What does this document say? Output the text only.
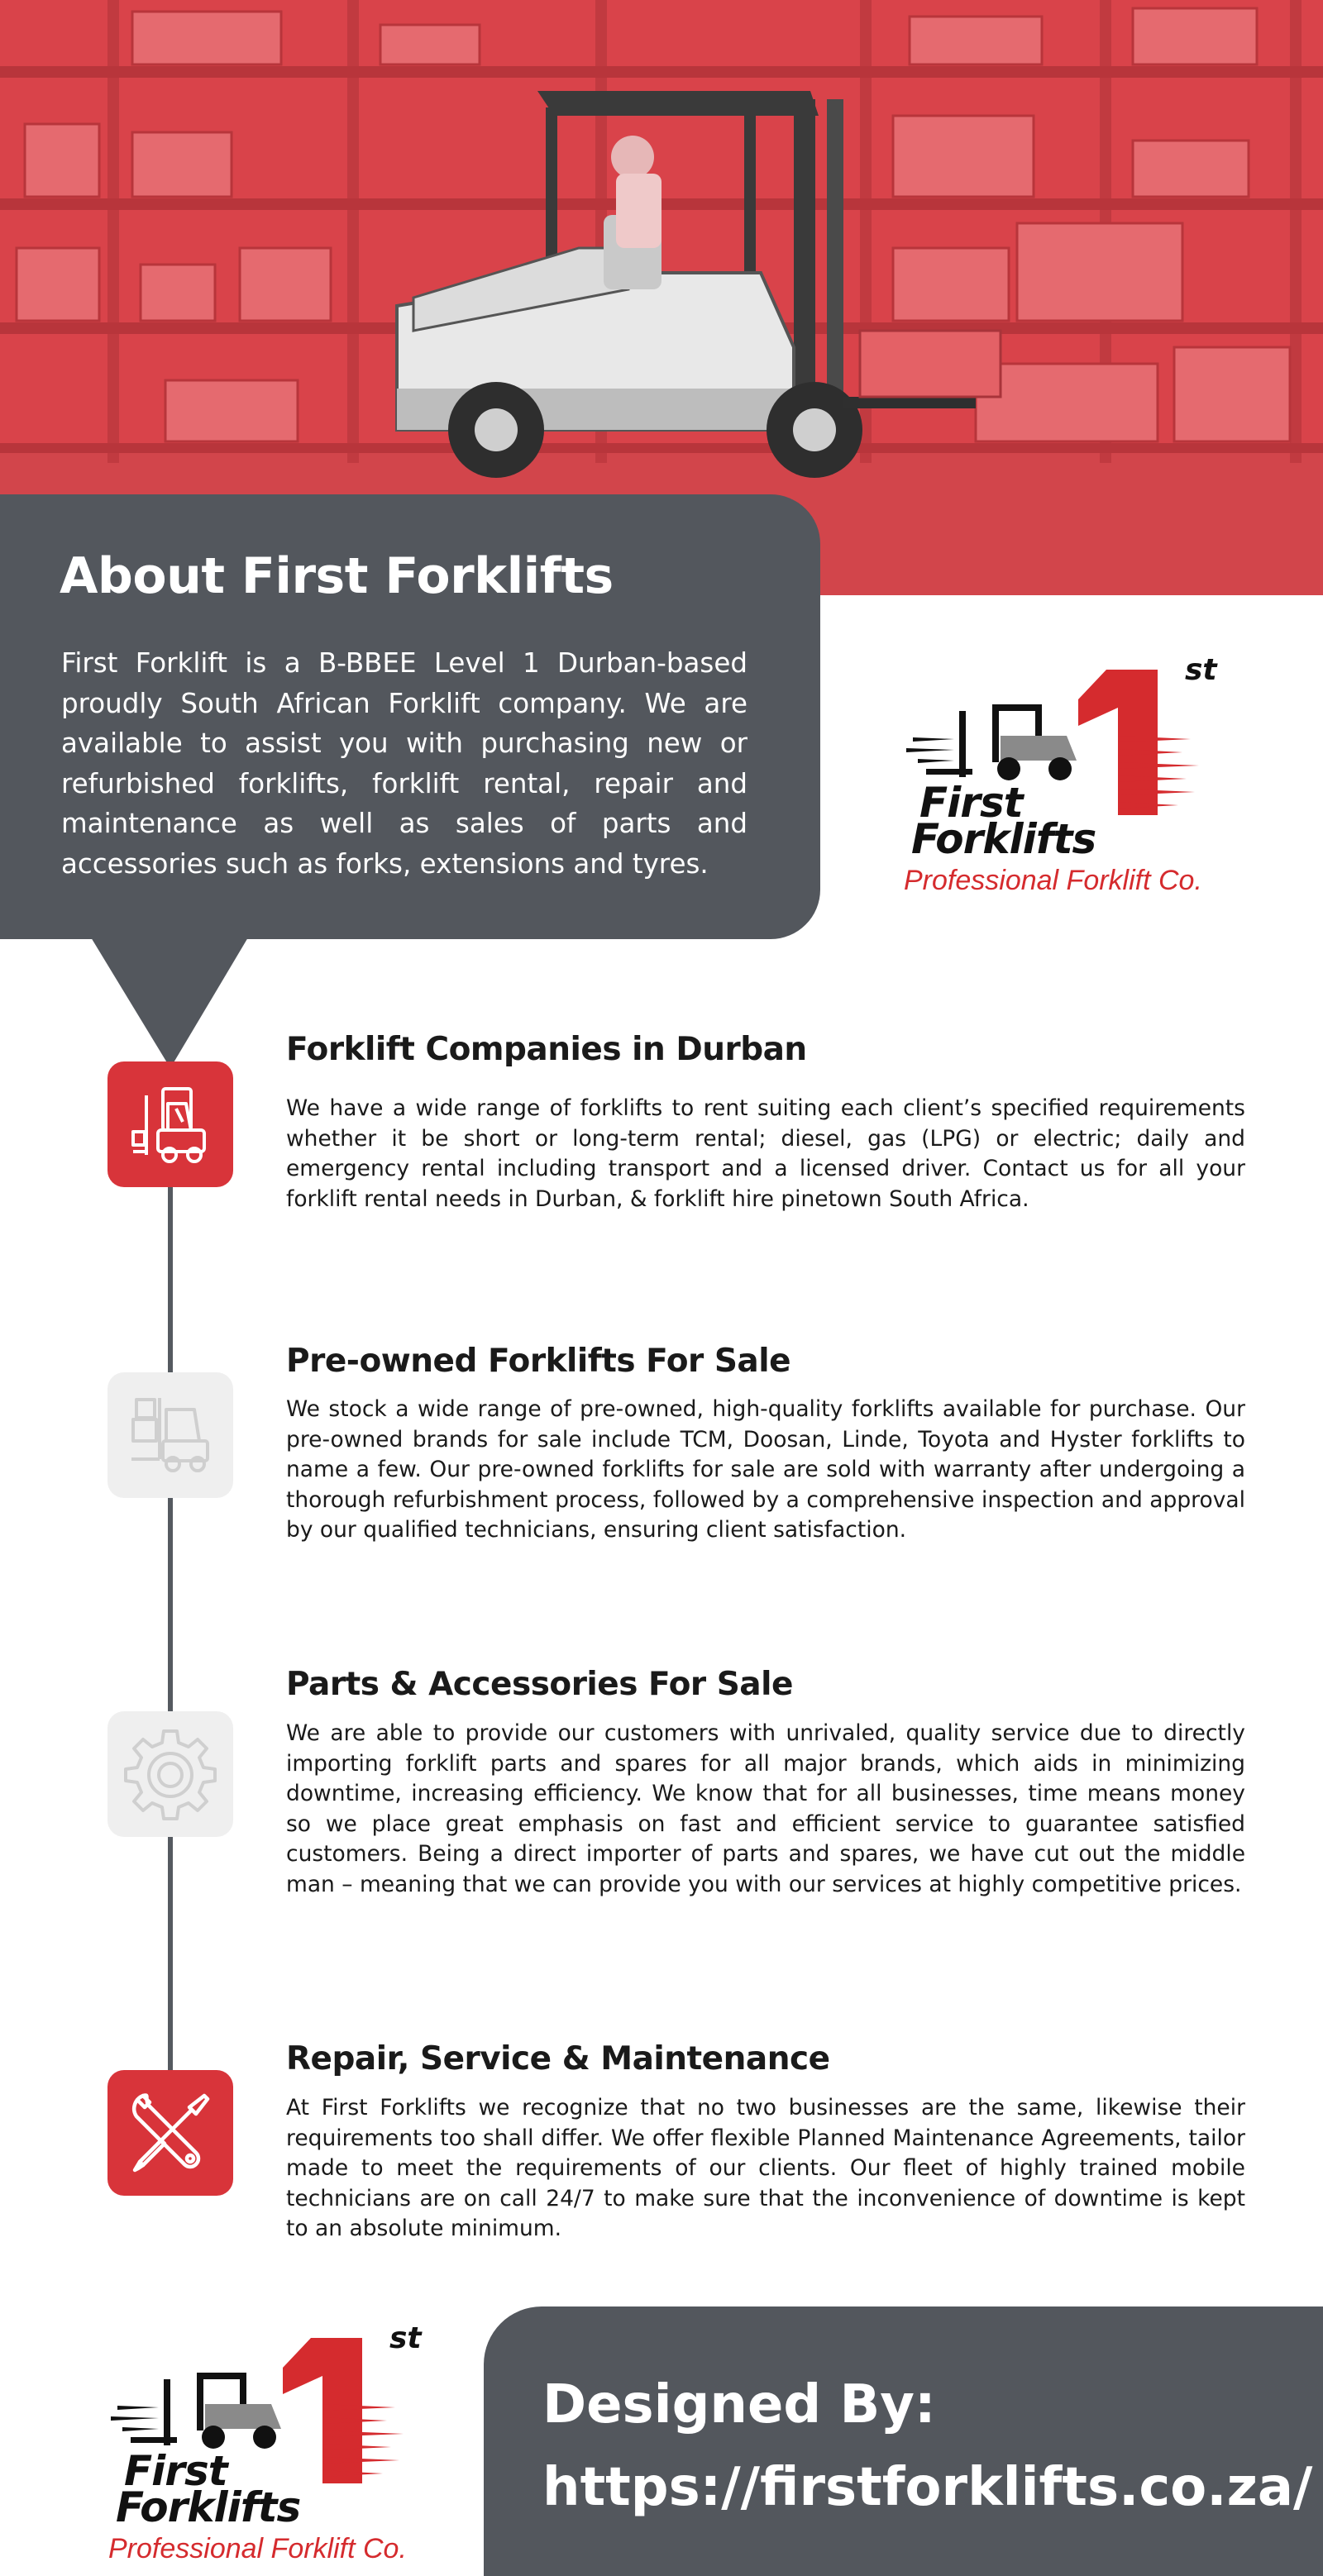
About First Forklifts

First Forklift is a B-BBEE Level 1 Durban-based proudly South African Forklift company. We are available to assist you with purchasing new or refurbished forklifts, forklift rental, repair and maintenance as well as sales of parts and accessories such as forks, extensions and tyres.

st
First
Forklifts
Professional Forklift Co.
Forklift Companies in Durban

We have a wide range of forklifts to rent suiting each client’s specified requirements whether it be short or long-term rental; diesel, gas (LPG) or electric; daily and emergency rental including transport and a licensed driver. Contact us for all your forklift rental needs in Durban, & forklift hire pinetown South Africa.

Pre-owned Forklifts For Sale

We stock a wide range of pre-owned, high-quality forklifts available for purchase. Our pre-owned brands for sale include TCM, Doosan, Linde, Toyota and Hyster forklifts to name a few. Our pre-owned forklifts for sale are sold with warranty after undergoing a thorough refurbishment process, followed by a comprehensive inspection and approval by our qualified technicians, ensuring client satisfaction.

Parts & Accessories For Sale

We are able to provide our customers with unrivaled, quality service due to directly importing forklift parts and spares for all major brands, which aids in minimizing downtime, increasing efficiency. We know that for all businesses, time means money so we place great emphasis on fast and efficient service to guarantee satisfied customers. Being a direct importer of parts and spares, we have cut out the middle man – meaning that we can provide you with our services at highly competitive prices.

Repair, Service & Maintenance

At First Forklifts we recognize that no two businesses are the same, likewise their requirements too shall differ. We offer flexible Planned Maintenance Agreements, tailor made to meet the requirements of our clients. Our fleet of highly trained mobile technicians are on call 24/7 to make sure that the inconvenience of downtime is kept to an absolute minimum.

st
First
Forklifts
Professional Forklift Co.
Designed By:
https://firstforklifts.co.za/
